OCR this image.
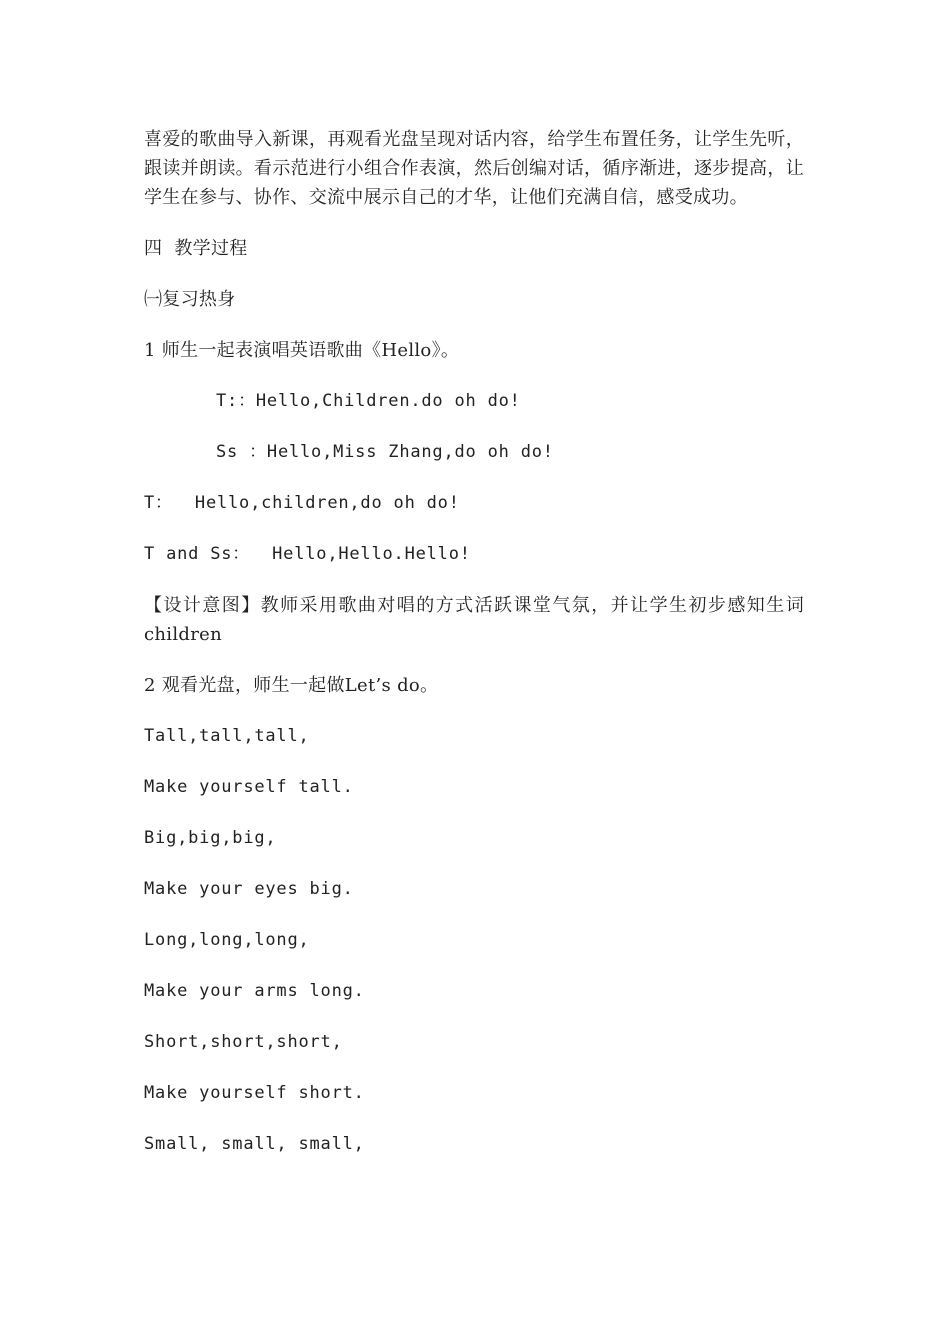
喜爱的歌曲导入新课，再观看光盘呈现对话内容，给学生布置任务，让学生先听，跟读并朗读。看示范进行小组合作表演，然后创编对话，循序渐进，逐步提高，让学生在参与、协作、交流中展示自己的才华，让他们充满自信，感受成功。

四  教学过程

㈠复习热身

1 师生一起表演唱英语歌曲《Hello》。

T:：Hello,Children.do oh do!

Ss ：Hello,Miss Zhang,do oh do!

T：  Hello,children,do oh do!

T and Ss：  Hello,Hello.Hello!

【设计意图】教师采用歌曲对唱的方式活跃课堂气氛，并让学生初步感知生词children

2 观看光盘，师生一起做Let’s do。

Tall,tall,tall,

Make yourself tall.

Big,big,big,

Make your eyes big.

Long,long,long,

Make your arms long.

Short,short,short,

Make yourself short.

Small, small, small,
